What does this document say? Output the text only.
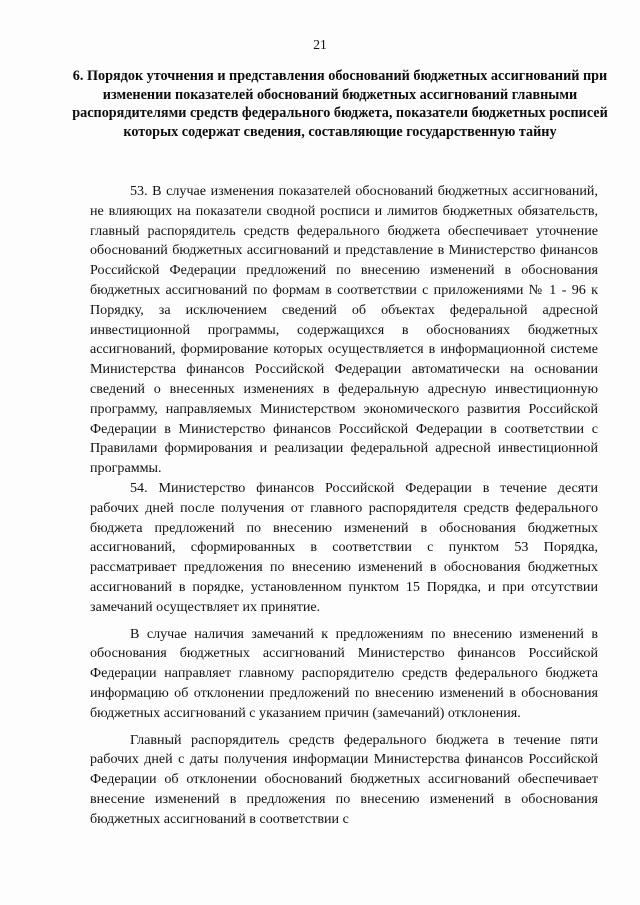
21
6. Порядок уточнения и представления обоснований бюджетных ассигнований при изменении показателей обоснований бюджетных ассигнований главными распорядителями средств федерального бюджета, показатели бюджетных росписей которых содержат сведения, составляющие государственную тайну

53. В случае изменения показателей обоснований бюджетных ассигнований, не влияющих на показатели сводной росписи и лимитов бюджетных обязательств, главный распорядитель средств федерального бюджета обеспечивает уточнение обоснований бюджетных ассигнований и представление в Министерство финансов Российской Федерации предложений по внесению изменений в обоснования бюджетных ассигнований по формам в соответствии с приложениями № 1 - 96 к Порядку, за исключением сведений об объектах федеральной адресной инвестиционной программы, содержащихся в обоснованиях бюджетных ассигнований, формирование которых осуществляется в информационной системе Министерства финансов Российской Федерации автоматически на основании сведений о внесенных изменениях в федеральную адресную инвестиционную программу, направляемых Министерством экономического развития Российской Федерации в Министерство финансов Российской Федерации в соответствии с Правилами формирования и реализации федеральной адресной инвестиционной программы.

54. Министерство финансов Российской Федерации в течение десяти рабочих дней после получения от главного распорядителя средств федерального бюджета предложений по внесению изменений в обоснования бюджетных ассигнований, сформированных в соответствии с пунктом 53 Порядка, рассматривает предложения по внесению изменений в обоснования бюджетных ассигнований в порядке, установленном пунктом 15 Порядка, и при отсутствии замечаний осуществляет их принятие.

В случае наличия замечаний к предложениям по внесению изменений в обоснования бюджетных ассигнований Министерство финансов Российской Федерации направляет главному распорядителю средств федерального бюджета информацию об отклонении предложений по внесению изменений в обоснования бюджетных ассигнований с указанием причин (замечаний) отклонения.

Главный распорядитель средств федерального бюджета в течение пяти рабочих дней с даты получения информации Министерства финансов Российской Федерации об отклонении обоснований бюджетных ассигнований обеспечивает внесение изменений в предложения по внесению изменений в обоснования бюджетных ассигнований в соответствии с
